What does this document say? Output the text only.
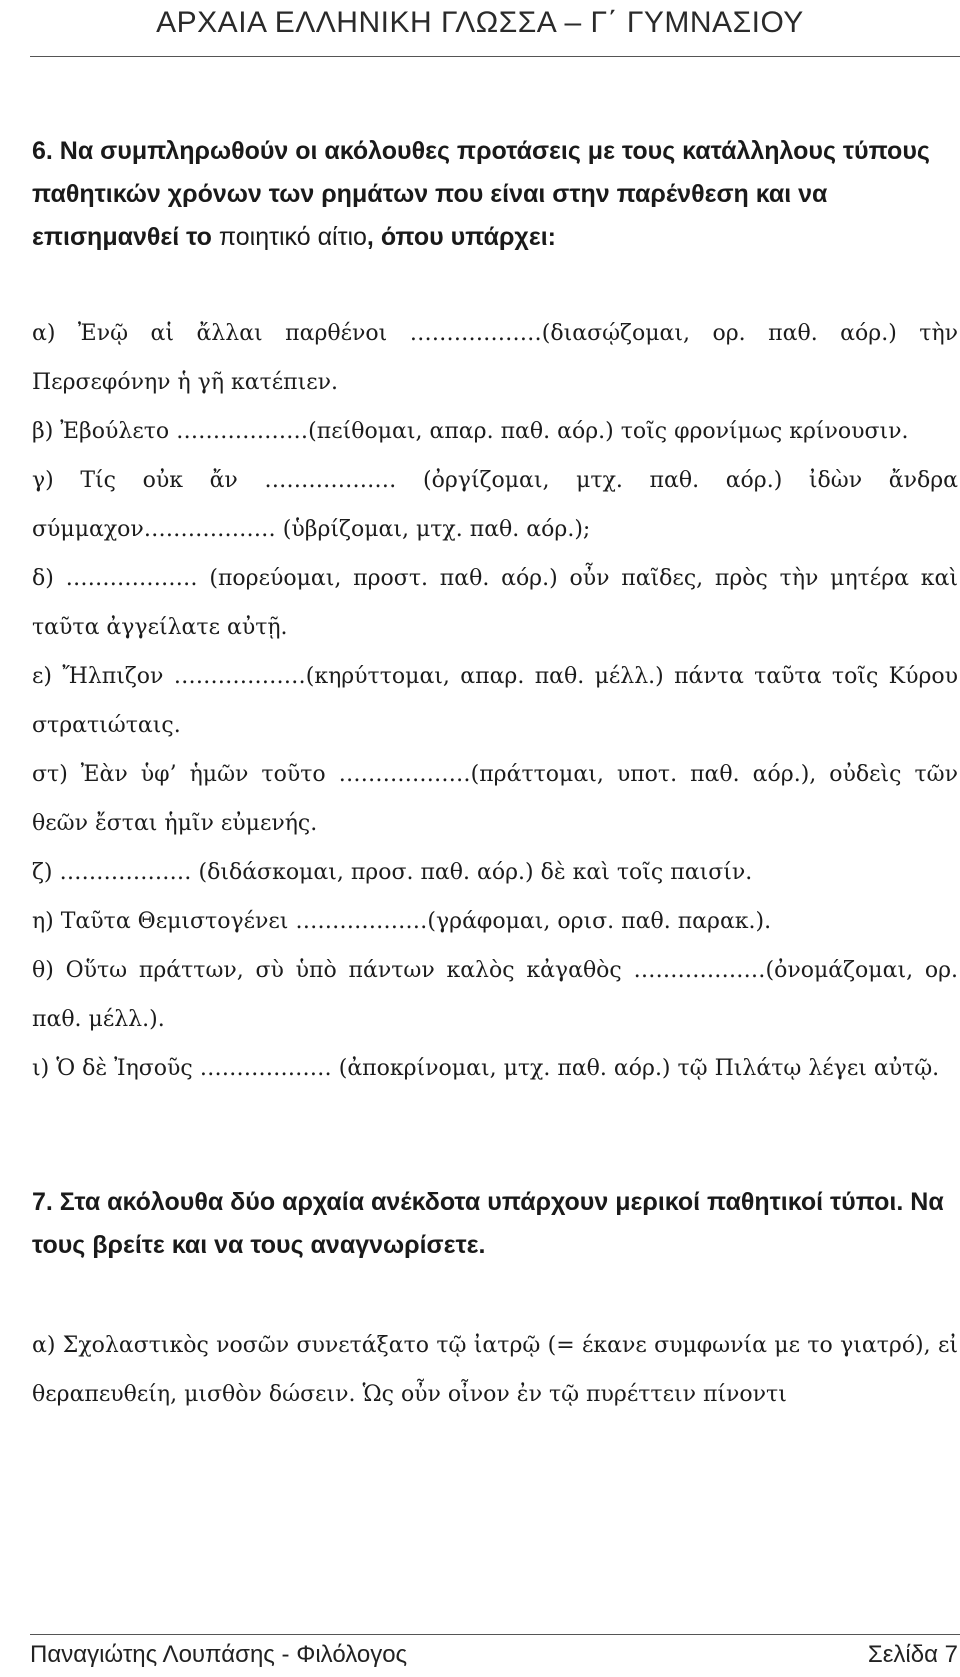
ΑΡΧΑΙΑ ΕΛΛΗΝΙΚΗ ΓΛΩΣΣΑ – Γ΄ ΓΥΜΝΑΣΙΟΥ
6. Να συμπληρωθούν οι ακόλουθες προτάσεις με τους κατάλληλους τύπους παθητικών χρόνων των ρημάτων που είναι στην παρένθεση και να επισημανθεί το ποιητικό αίτιο, όπου υπάρχει:
α) Ἐνῷ αἱ ἄλλαι παρθένοι ………………(διασῴζομαι, ορ. παθ. αόρ.) τὴν Περσεφόνην ἡ γῆ κατέπιεν.
β) Ἐβούλετο ………………(πείθομαι, απαρ. παθ. αόρ.) τοῖς φρονίμως κρίνουσιν.
γ) Τίς οὐκ ἄν ……………… (ὀργίζομαι, μτχ. παθ. αόρ.) ἰδὼν ἄνδρα σύμμαχον……………… (ὑβρίζομαι, μτχ. παθ. αόρ.);
δ) ……………… (πορεύομαι, προστ. παθ. αόρ.) οὖν παῖδες, πρὸς τὴν μητέρα καὶ ταῦτα ἀγγείλατε αὐτῇ.
ε) Ἤλπιζον ………………(κηρύττομαι, απαρ. παθ. μέλλ.) πάντα ταῦτα τοῖς Κύρου στρατιώταις.
στ) Ἐὰν ὑφ’ ἡμῶν τοῦτο ………………(πράττομαι, υποτ. παθ. αόρ.), οὐδεὶς τῶν θεῶν ἔσται ἡμῖν εὐμενής.
ζ) ……………… (διδάσκομαι, προσ. παθ. αόρ.) δὲ καὶ τοῖς παισίν.
η) Ταῦτα Θεμιστογένει ………………(γράφομαι, ορισ. παθ. παρακ.).
θ) Οὕτω πράττων, σὺ ὑπὸ πάντων καλὸς κἀγαθὸς ………………(ὀνομάζομαι, ορ. παθ. μέλλ.).
ι) Ὁ δὲ Ἰησοῦς ……………… (ἀποκρίνομαι, μτχ. παθ. αόρ.) τῷ Πιλάτῳ λέγει αὐτῷ.
7. Στα ακόλουθα δύο αρχαία ανέκδοτα υπάρχουν μερικοί παθητικοί τύποι. Να τους βρείτε και να τους αναγνωρίσετε.
α) Σχολαστικὸς νοσῶν συνετάξατο τῷ ἰατρῷ (= έκανε συμφωνία με το γιατρό), εἰ θεραπευθείη, μισθὸν δώσειν. Ὡς οὖν οἶνον ἐν τῷ πυρέττειν πίνοντι
Παναγιώτης Λουπάσης - Φιλόλογος	Σελίδα 7
